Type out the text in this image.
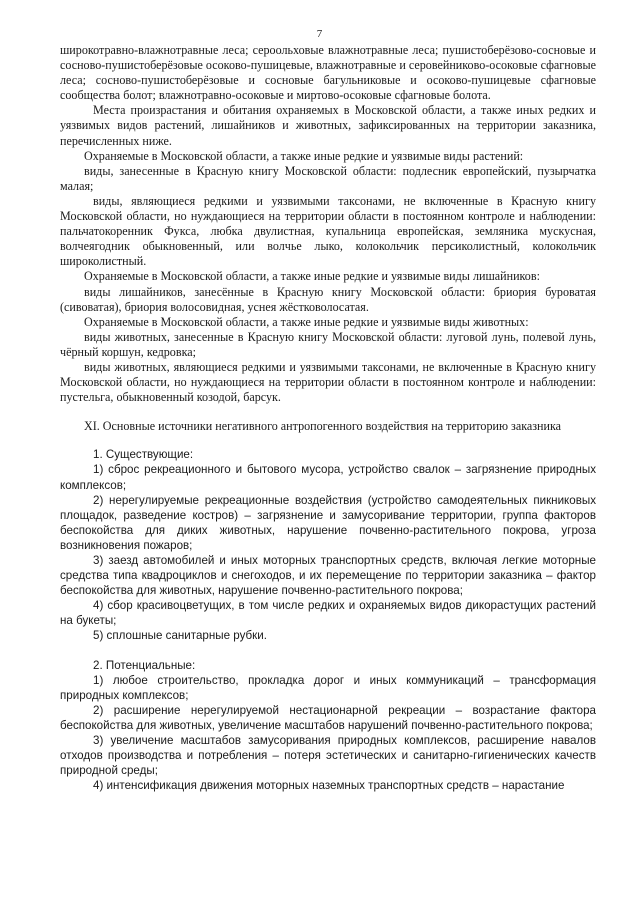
7

широкотравно-влажнотравные леса; сероольховые влажнотравные леса; пушистоберёзово-сосновые и сосново-пушистоберёзовые осоково-пушицевые, влажнотравные и серовейниково-осоковые сфагновые леса; сосново-пушистоберёзовые и сосновые багульниковые и осоково-пушицевые сфагновые сообщества болот; влажнотравно-осоковые и миртово-осоковые сфагновые болота.

Места произрастания и обитания охраняемых в Московской области, а также иных редких и уязвимых видов растений, лишайников и животных, зафиксированных на территории заказника, перечисленных ниже.

Охраняемые в Московской области, а также иные редкие и уязвимые виды растений:

виды, занесенные в Красную книгу Московской области: подлесник европейский, пузырчатка малая;

виды, являющиеся редкими и уязвимыми таксонами, не включенные в Красную книгу Московской области, но нуждающиеся на территории области в постоянном контроле и наблюдении: пальчатокоренник Фукса, любка двулистная, купальница европейская, земляника мускусная, волчеягодник обыкновенный, или волчье лыко, колокольчик персиколистный, колокольчик широколистный.

Охраняемые в Московской области, а также иные редкие и уязвимые виды лишайников:

виды лишайников, занесённые в Красную книгу Московской области: бриория буроватая (сивоватая), бриория волосовидная, уснея жёстковолосатая.

Охраняемые в Московской области, а также иные редкие и уязвимые виды животных:

виды животных, занесенные в Красную книгу Московской области: луговой лунь, полевой лунь, чёрный коршун, кедровка;

виды животных, являющиеся редкими и уязвимыми таксонами, не включенные в Красную книгу Московской области, но нуждающиеся на территории области в постоянном контроле и наблюдении: пустельга, обыкновенный козодой, барсук.

XI. Основные источники негативного антропогенного воздействия на территорию заказника

1. Существующие:

1) сброс рекреационного и бытового мусора, устройство свалок – загрязнение природных комплексов;

2) нерегулируемые рекреационные воздействия (устройство самодеятельных пикниковых площадок, разведение костров) – загрязнение и замусоривание территории, группа факторов беспокойства для диких животных, нарушение почвенно-растительного покрова, угроза возникновения пожаров;

3) заезд автомобилей и иных моторных транспортных средств, включая легкие моторные средства типа квадроциклов и снегоходов, и их перемещение по территории заказника – фактор беспокойства для животных, нарушение почвенно-растительного покрова;

4) сбор красивоцветущих, в том числе редких и охраняемых видов дикорастущих растений на букеты;

5) сплошные санитарные рубки.

2. Потенциальные:

1) любое строительство, прокладка дорог и иных коммуникаций – трансформация природных комплексов;

2) расширение нерегулируемой нестационарной рекреации – возрастание фактора беспокойства для животных, увеличение масштабов нарушений почвенно-растительного покрова;

3) увеличение масштабов замусоривания природных комплексов, расширение навалов отходов производства и потребления – потеря эстетических и санитарно-гигиенических качеств природной среды;

4) интенсификация движения моторных наземных транспортных средств – нарастание
